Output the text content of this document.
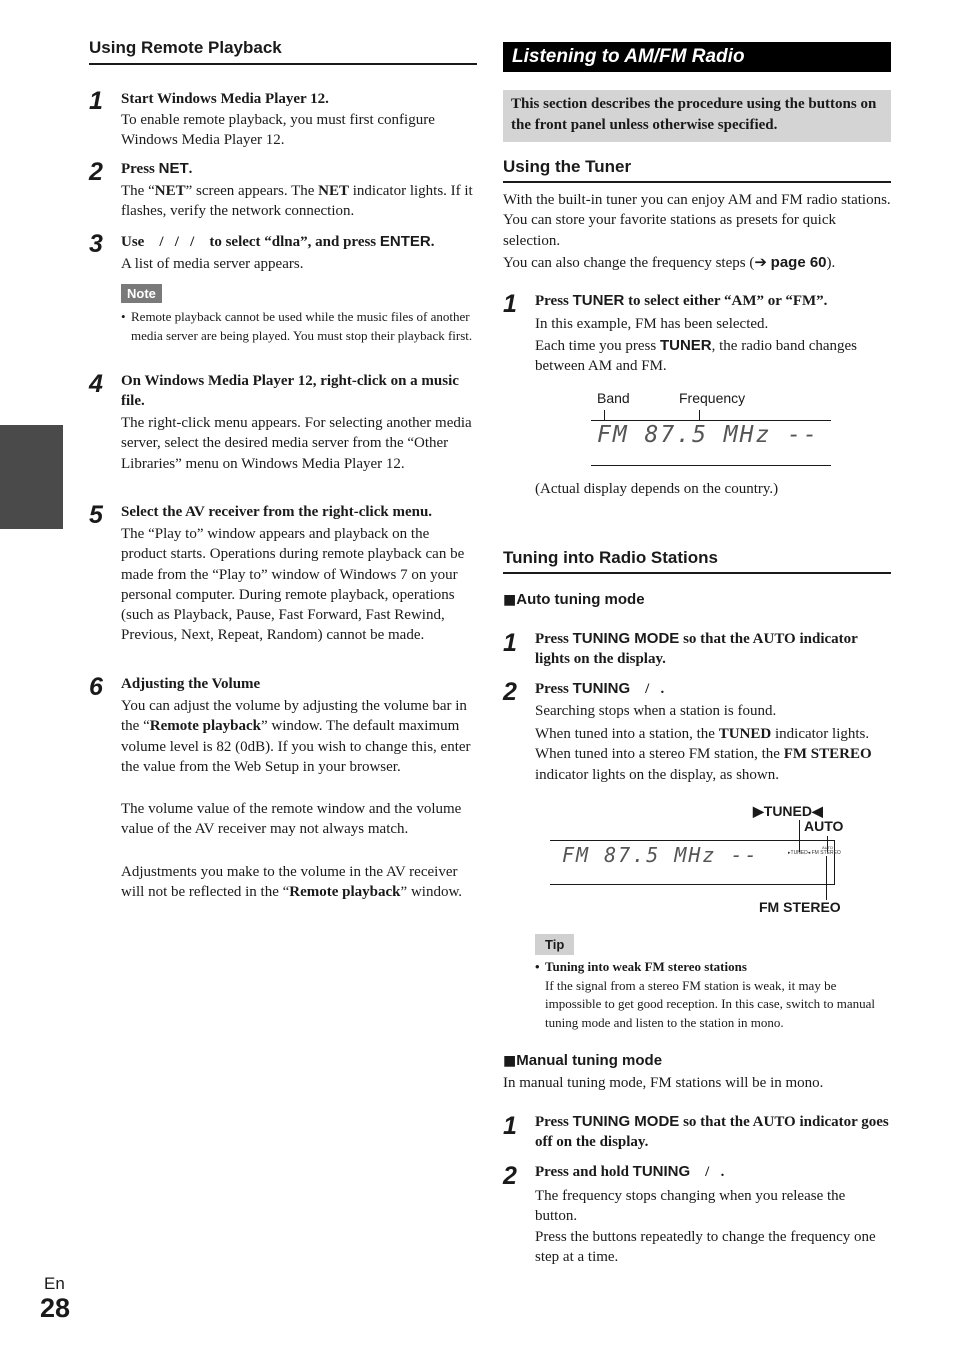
Using Remote Playback
1 Start Windows Media Player 12.
To enable remote playback, you must first configure Windows Media Player 12.
2 Press NET.
The “NET” screen appears. The NET indicator lights. If it flashes, verify the network connection.
3 Use    /   /   /    to select “dlna”, and press ENTER.
A list of media server appears.
Note
• Remote playback cannot be used while the music files of another media server are being played. You must stop their playback first.
4 On Windows Media Player 12, right-click on a music file.
The right-click menu appears. For selecting another media server, select the desired media server from the “Other Libraries” menu on Windows Media Player 12.
5 Select the AV receiver from the right-click menu.
The “Play to” window appears and playback on the product starts. Operations during remote playback can be made from the “Play to” window of Windows 7 on your personal computer. During remote playback, operations (such as Playback, Pause, Fast Forward, Fast Rewind, Previous, Next, Repeat, Random) cannot be made.
6 Adjusting the Volume
You can adjust the volume by adjusting the volume bar in the “Remote playback” window. The default maximum volume level is 82 (0dB). If you wish to change this, enter the value from the Web Setup in your browser.
The volume value of the remote window and the volume value of the AV receiver may not always match.
Adjustments you make to the volume in the AV receiver will not be reflected in the “Remote playback” window.
Listening to AM/FM Radio
This section describes the procedure using the buttons on the front panel unless otherwise specified.
Using the Tuner
With the built-in tuner you can enjoy AM and FM radio stations. You can store your favorite stations as presets for quick selection.
You can also change the frequency steps (➔ page 60).
1 Press TUNER to select either “AM” or “FM”.
In this example, FM has been selected.
Each time you press TUNER, the radio band changes between AM and FM.
Band	Frequency
FM 87.5 MHz --
(Actual display depends on the country.)
Tuning into Radio Stations
■Auto tuning mode
1 Press TUNING MODE so that the AUTO indicator lights on the display.
2 Press TUNING    /   .
Searching stops when a station is found.
When tuned into a station, the TUNED indicator lights. When tuned into a stereo FM station, the FM STEREO indicator lights on the display, as shown.
▶TUNED◀
AUTO
FM 87.5 MHz --	▸TUNED◂ FM STEREO
AUTO
FM STEREO
Tip
• Tuning into weak FM stereo stations
If the signal from a stereo FM station is weak, it may be impossible to get good reception. In this case, switch to manual tuning mode and listen to the station in mono.
■Manual tuning mode
In manual tuning mode, FM stations will be in mono.
1 Press TUNING MODE so that the AUTO indicator goes off on the display.
2 Press and hold TUNING    /   .
The frequency stops changing when you release the button.
Press the buttons repeatedly to change the frequency one step at a time.
En
28
